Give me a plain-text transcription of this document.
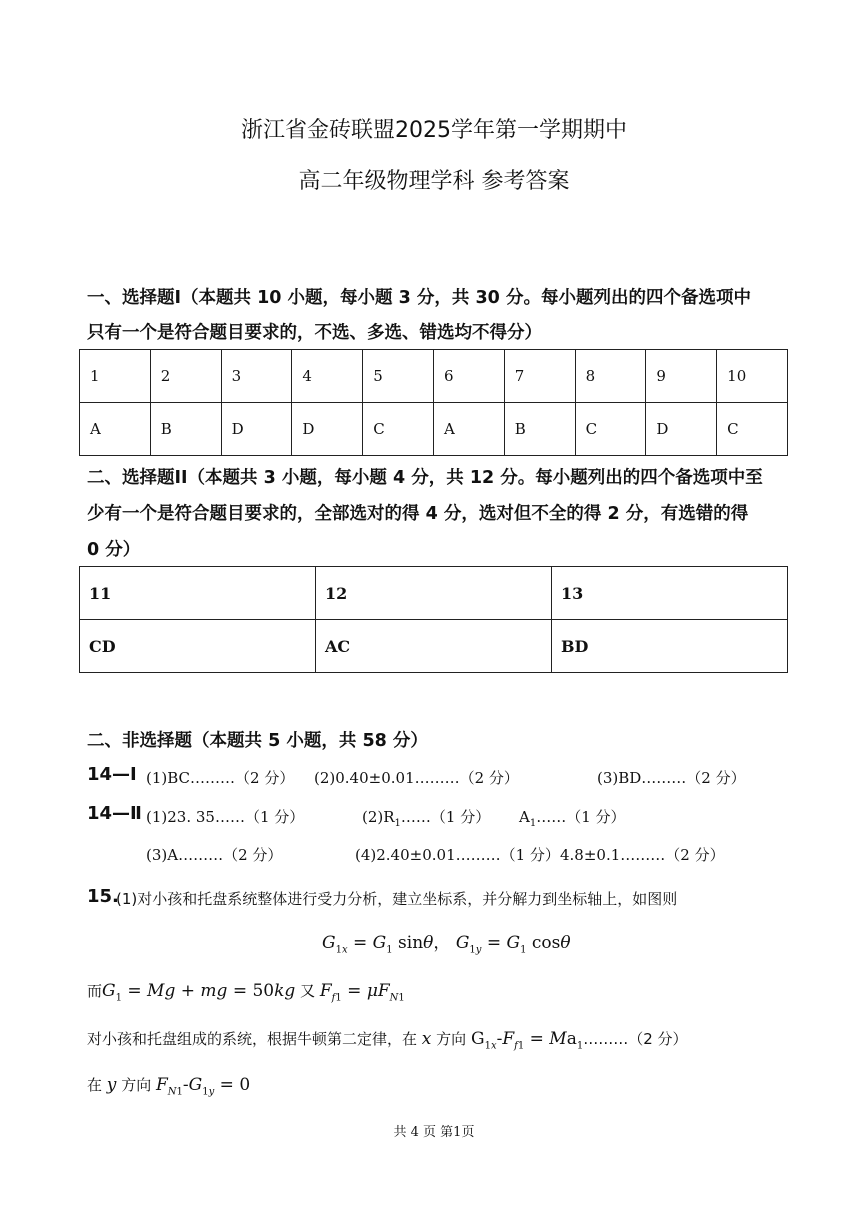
浙江省金砖联盟2025学年第一学期期中
高二年级物理学科 参考答案
一、选择题Ⅰ（本题共 10 小题，每小题 3 分，共 30 分。每小题列出的四个备选项中
只有一个是符合题目要求的，不选、多选、错选均不得分）
1	2	3	4	5	6	7	8	9	10
A	B	D	D	C	A	B	C	D	C
二、选择题II（本题共 3 小题，每小题 4 分，共 12 分。每小题列出的四个备选项中至
少有一个是符合题目要求的，全部选对的得 4 分，选对但不全的得 2 分，有选错的得
0 分）
11	12	13
CD	AC	BD
二、非选择题（本题共 5 小题，共 58 分）
14—Ⅰ (1)BC………（2 分） (2)0.40±0.01………（2 分）	(3)BD………（2 分）
14—Ⅱ (1)23. 35……（1 分）	$(2)R_1\dots\dots(1$ 分） $A_1\dots\dots(1$ 分）
(3)A………（2 分）	(4)2.40±0.01………（1 分） 4.8±0.1………（2 分）
15.
(1)对小孩和托盘系统整体进行受力分析，建立坐标系，并分解力到坐标轴上，如图则
$G_{1x} = G_1$ sinθ， $G_{1y} = G_1$ cosθ
而$G_1 = Mg$ + mg = 50kg 又 $F_{f1} = \mu F_{N1}$
对小孩和托盘组成的系统，根据牛顿第二定律，在 x 方向 $G_{1x}-F_{f1}$ = $Ma_1\dots\dots\dots(2$ 分）
在 y 方向 $F_{N1}-G_{1y} = 0$
共 4 页 第1页
